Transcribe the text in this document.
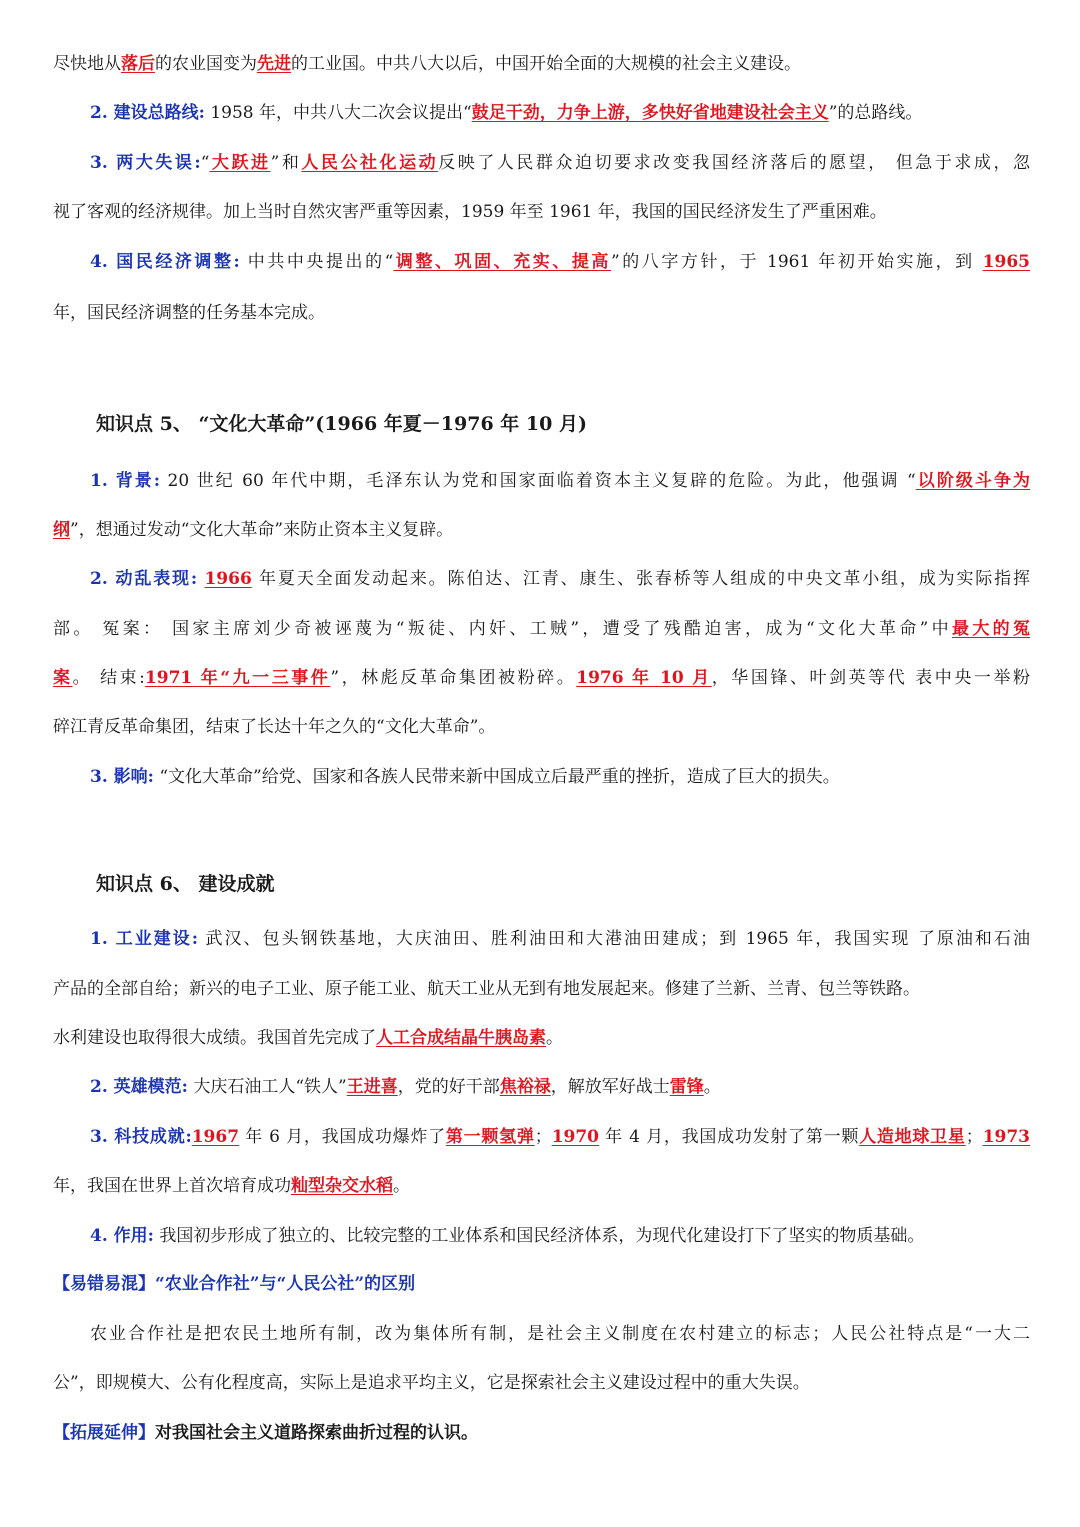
尽快地从落后的农业国变为先进的工业国。中共八大以后，中国开始全面的大规模的社会主义建设。
2. 建设总路线: 1958 年，中共八大二次会议提出“鼓足干劲，力争上游，多快好省地建设社会主义”的总路线。
3. 两大失误:“大跃进”和人民公社化运动反映了人民群众迫切要求改变我国经济落后的愿望， 但急于求成，忽
视了客观的经济规律。加上当时自然灾害严重等因素，1959 年至 1961 年，我国的国民经济发生了严重困难。
4. 国民经济调整: 中共中央提出的“调整、巩固、充实、提高”的八字方针，于 1961 年初开始实施，到 1965
年，国民经济调整的任务基本完成。
知识点 5、 “文化大革命”(1966 年夏－1976 年 10 月)
1. 背景: 20 世纪 60 年代中期，毛泽东认为党和国家面临着资本主义复辟的危险。为此，他强调 “以阶级斗争为
纲”，想通过发动“文化大革命”来防止资本主义复辟。
2. 动乱表现: 1966 年夏天全面发动起来。陈伯达、江青、康生、张春桥等人组成的中央文革小组，成为实际指挥
部。 冤案： 国家主席刘少奇被诬蔑为“叛徒、内奸、工贼”，遭受了残酷迫害，成为“文化大革命”中最大的冤
案。 结束:1971 年“九一三事件”，林彪反革命集团被粉碎。1976 年 10 月，华国锋、叶剑英等代 表中央一举粉
碎江青反革命集团，结束了长达十年之久的“文化大革命”。
3. 影响: “文化大革命”给党、国家和各族人民带来新中国成立后最严重的挫折，造成了巨大的损失。
知识点 6、 建设成就
1. 工业建设: 武汉、包头钢铁基地，大庆油田、胜利油田和大港油田建成；到 1965 年，我国实现 了原油和石油
产品的全部自给；新兴的电子工业、原子能工业、航天工业从无到有地发展起来。修建了兰新、兰青、包兰等铁路。
水利建设也取得很大成绩。我国首先完成了人工合成结晶牛胰岛素。
2. 英雄模范: 大庆石油工人“铁人”王进喜，党的好干部焦裕禄，解放军好战士雷锋。
3. 科技成就:1967 年 6 月，我国成功爆炸了第一颗氢弹；1970 年 4 月，我国成功发射了第一颗人造地球卫星；1973
年，我国在世界上首次培育成功籼型杂交水稻。
4. 作用: 我国初步形成了独立的、比较完整的工业体系和国民经济体系，为现代化建设打下了坚实的物质基础。
【易错易混】“农业合作社”与“人民公社”的区别
农业合作社是把农民土地所有制，改为集体所有制，是社会主义制度在农村建立的标志；人民公社特点是“一大二
公”，即规模大、公有化程度高，实际上是追求平均主义，它是探索社会主义建设过程中的重大失误。
【拓展延伸】对我国社会主义道路探索曲折过程的认识。
